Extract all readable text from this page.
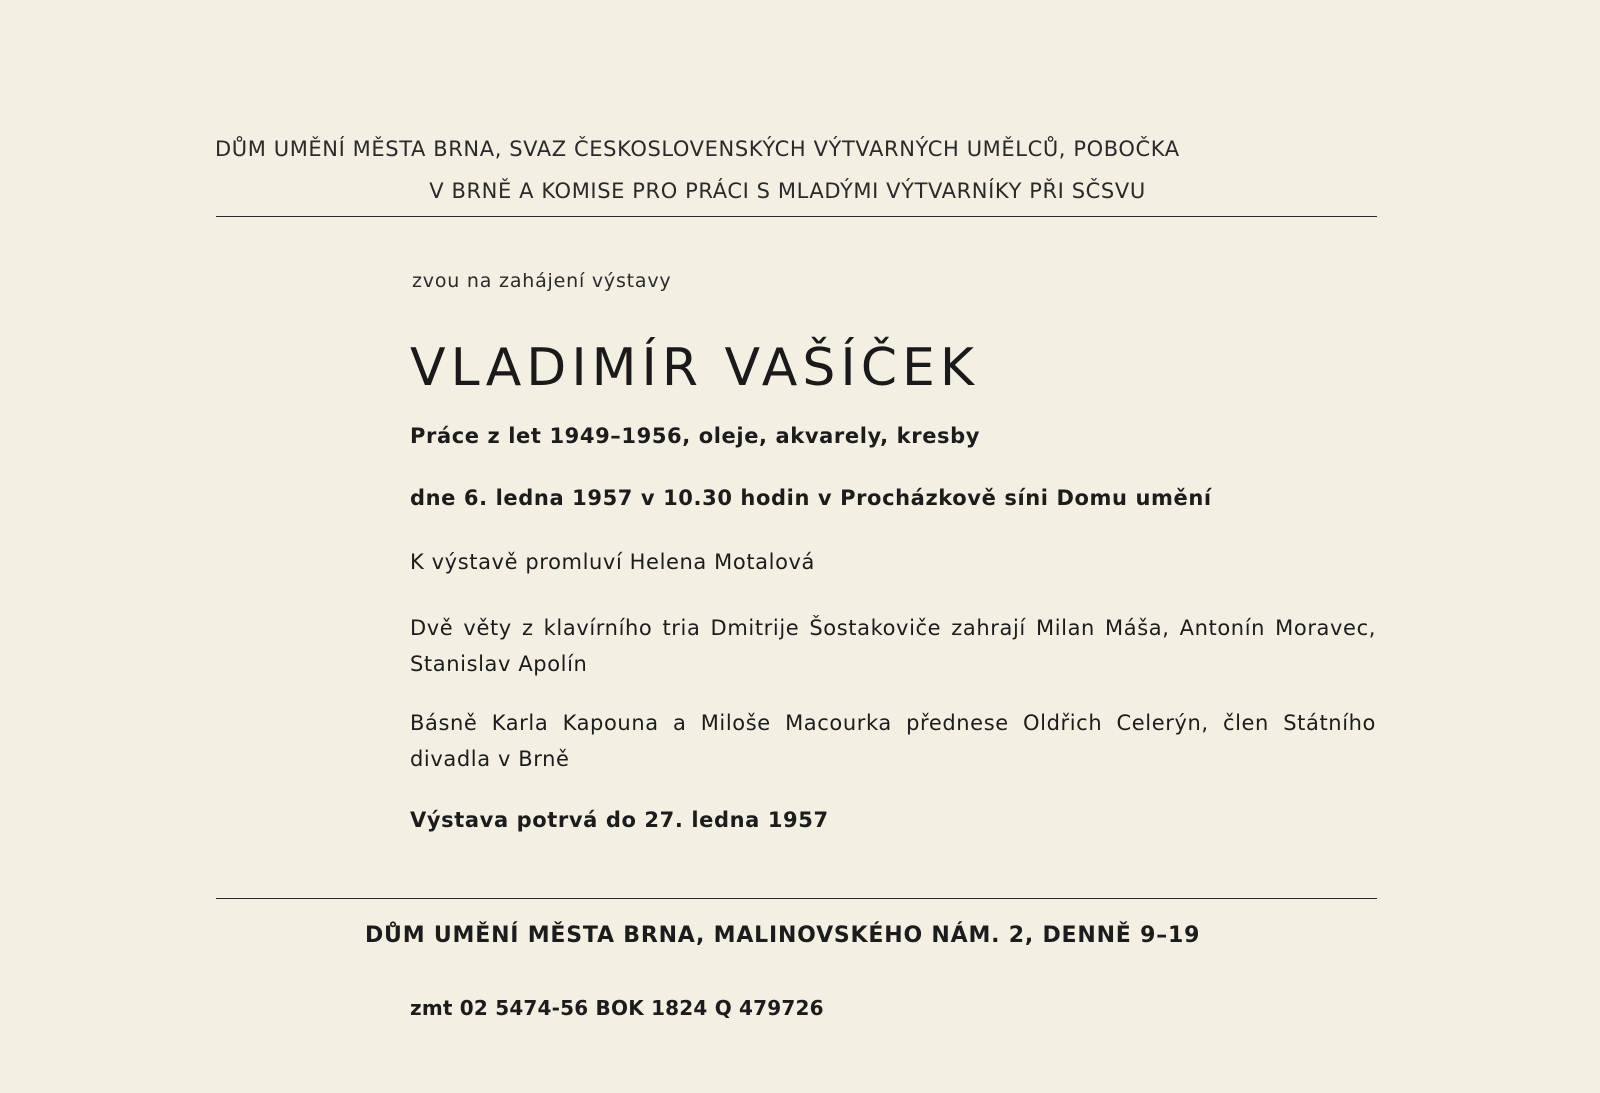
DŮM UMĚNÍ MĚSTA BRNA, SVAZ ČESKOSLOVENSKÝCH VÝTVARNÝCH UMĚLCŮ, POBOČKA
V BRNĚ A KOMISE PRO PRÁCI S MLADÝMI VÝTVARNÍKY PŘI SČSVU
zvou na zahájení výstavy
VLADIMÍR VAŠÍČEK
Práce z let 1949–1956, oleje, akvarely, kresby
dne 6. ledna 1957 v 10.30 hodin v Procházkově síni Domu umění
K výstavě promluví Helena Motalová
Dvě věty z klavírního tria Dmitrije Šostakoviče zahrají Milan Máša, Antonín Moravec, Stanislav Apolín
Básně Karla Kapouna a Miloše Macourka přednese Oldřich Celerýn, člen Státního divadla v Brně
Výstava potrvá do 27. ledna 1957
DŮM UMĚNÍ MĚSTA BRNA, MALINOVSKÉHO NÁM. 2, DENNĚ 9–19
zmt 02 5474-56 BOK 1824 Q 479726
